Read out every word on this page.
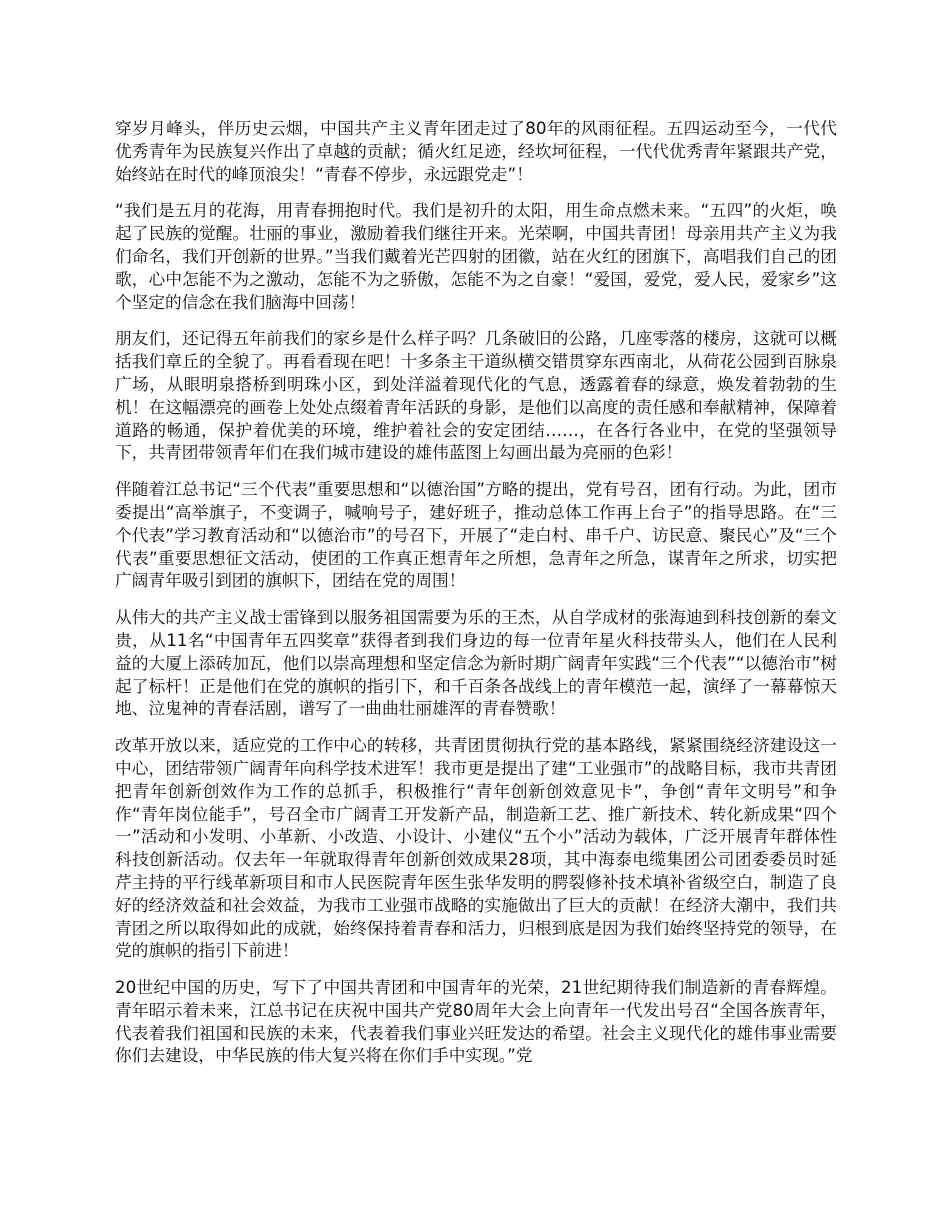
穿岁月峰头，伴历史云烟，中国共产主义青年团走过了80年的风雨征程。五四运动至今，一代代优秀青年为民族复兴作出了卓越的贡献；循火红足迹，经坎坷征程，一代代优秀青年紧跟共产党，始终站在时代的峰顶浪尖！“青春不停步，永远跟党走”！

“我们是五月的花海，用青春拥抱时代。我们是初升的太阳，用生命点燃未来。“五四”的火炬，唤起了民族的觉醒。壮丽的事业，激励着我们继往开来。光荣啊，中国共青团！母亲用共产主义为我们命名，我们开创新的世界。”当我们戴着光芒四射的团徽，站在火红的团旗下，高唱我们自己的团歌，心中怎能不为之激动，怎能不为之骄傲，怎能不为之自豪！“爱国，爱党，爱人民，爱家乡”这个坚定的信念在我们脑海中回荡！

朋友们，还记得五年前我们的家乡是什么样子吗？几条破旧的公路，几座零落的楼房，这就可以概括我们章丘的全貌了。再看看现在吧！十多条主干道纵横交错贯穿东西南北，从荷花公园到百脉泉广场，从眼明泉搭桥到明珠小区，到处洋溢着现代化的气息，透露着春的绿意，焕发着勃勃的生机！在这幅漂亮的画卷上处处点缀着青年活跃的身影，是他们以高度的责任感和奉献精神，保障着道路的畅通，保护着优美的环境，维护着社会的安定团结……，在各行各业中，在党的坚强领导下，共青团带领青年们在我们城市建设的雄伟蓝图上勾画出最为亮丽的色彩！

伴随着江总书记“三个代表”重要思想和“以德治国”方略的提出，党有号召，团有行动。为此，团市委提出“高举旗子，不变调子，喊响号子，建好班子，推动总体工作再上台子”的指导思路。在“三个代表”学习教育活动和“以德治市”的号召下，开展了“走白村、串千户、访民意、聚民心”及“三个代表”重要思想征文活动，使团的工作真正想青年之所想，急青年之所急，谋青年之所求，切实把广阔青年吸引到团的旗帜下，团结在党的周围！

从伟大的共产主义战士雷锋到以服务祖国需要为乐的王杰，从自学成材的张海迪到科技创新的秦文贵，从11名“中国青年五四奖章”获得者到我们身边的每一位青年星火科技带头人，他们在人民利益的大厦上添砖加瓦，他们以崇高理想和坚定信念为新时期广阔青年实践“三个代表”“以德治市”树起了标杆！正是他们在党的旗帜的指引下，和千百条各战线上的青年模范一起，演绎了一幕幕惊天地、泣鬼神的青春活剧，谱写了一曲曲壮丽雄浑的青春赞歌！

改革开放以来，适应党的工作中心的转移，共青团贯彻执行党的基本路线，紧紧围绕经济建设这一中心，团结带领广阔青年向科学技术进军！我市更是提出了建“工业强市”的战略目标，我市共青团把青年创新创效作为工作的总抓手，积极推行“青年创新创效意见卡”，争创“青年文明号”和争作“青年岗位能手”，号召全市广阔青工开发新产品，制造新工艺、推广新技术、转化新成果“四个一”活动和小发明、小革新、小改造、小设计、小建仪“五个小”活动为载体，广泛开展青年群体性科技创新活动。仅去年一年就取得青年创新创效成果28项，其中海泰电缆集团公司团委委员时延芹主持的平行线革新项目和市人民医院青年医生张华发明的腭裂修补技术填补省级空白，制造了良好的经济效益和社会效益，为我市工业强市战略的实施做出了巨大的贡献！在经济大潮中，我们共青团之所以取得如此的成就，始终保持着青春和活力，归根到底是因为我们始终坚持党的领导，在党的旗帜的指引下前进！

20世纪中国的历史，写下了中国共青团和中国青年的光荣，21世纪期待我们制造新的青春辉煌。青年昭示着未来，江总书记在庆祝中国共产党80周年大会上向青年一代发出号召“全国各族青年，代表着我们祖国和民族的未来，代表着我们事业兴旺发达的希望。社会主义现代化的雄伟事业需要你们去建设，中华民族的伟大复兴将在你们手中实现。”党
